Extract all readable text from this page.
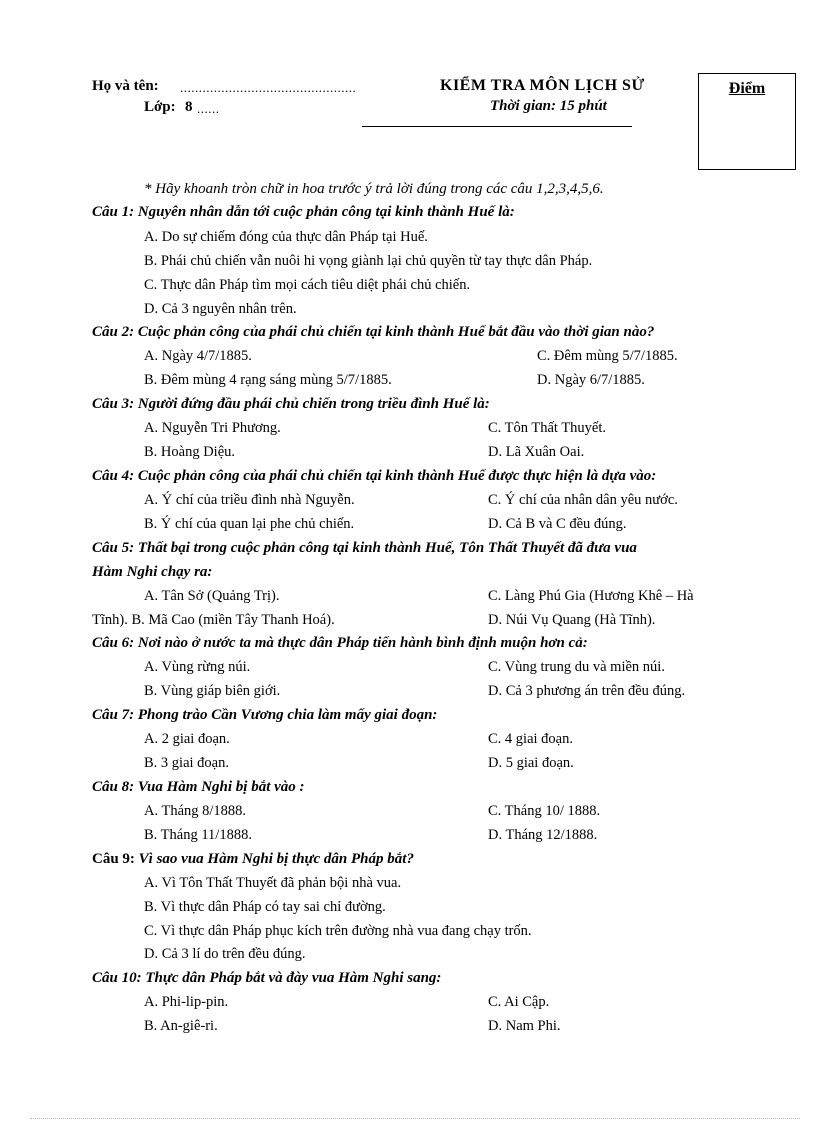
Họ và tên: ...............................................
Lớp: 8 ......
KIỂM TRA MÔN LỊCH SỬ
Thời gian: 15 phút
Điểm
* Hãy khoanh tròn chữ in hoa trước ý trả lời đúng trong các câu 1,2,3,4,5,6.
Câu 1: Nguyên nhân dẫn tới cuộc phản công tại kinh thành Huế là:
A. Do sự chiếm đóng của thực dân Pháp tại Huế.
B. Phái chủ chiến vẫn nuôi hi vọng giành lại chủ quyền từ tay thực dân Pháp.
C. Thực dân Pháp tìm mọi cách tiêu diệt phái chủ chiến.
D. Cả 3 nguyên nhân trên.
Câu 2: Cuộc phản công của phái chủ chiến tại kinh thành Huế bắt đầu vào thời gian nào?
A. Ngày 4/7/1885.	C. Đêm mùng 5/7/1885.
B. Đêm mùng 4 rạng sáng mùng 5/7/1885.	D. Ngày 6/7/1885.
Câu 3: Người đứng đầu phái chủ chiến trong triều đình Huế là:
A. Nguyễn Tri Phương.	C. Tôn Thất Thuyết.
B. Hoàng Diệu.	D. Lã Xuân Oai.
Câu 4: Cuộc phản công của phái chủ chiến tại kinh thành Huế được thực hiện là dựa vào:
A. Ý chí của triều đình nhà Nguyễn.	C. Ý chí của nhân dân yêu nước.
B. Ý chí của quan lại phe chủ chiến.	D. Cả B và C đều đúng.
Câu 5: Thất bại trong cuộc phản công tại kinh thành Huế, Tôn Thất Thuyết đã đưa vua
Hàm Nghi chạy ra:
A. Tân Sở (Quảng Trị).	C. Làng Phú Gia (Hương Khê – Hà
Tĩnh). B. Mã Cao (miền Tây Thanh Hoá).	D. Núi Vụ Quang (Hà Tĩnh).
Câu 6: Nơi nào ở nước ta mà thực dân Pháp tiến hành bình định muộn hơn cả:
A. Vùng rừng núi.	C. Vùng trung du và miền núi.
B. Vùng giáp biên giới.	D. Cả 3 phương án trên đều đúng.
Câu 7: Phong trào Cần Vương chia làm mấy giai đoạn:
A. 2 giai đoạn.	C. 4 giai đoạn.
B. 3 giai đoạn.	D. 5 giai đoạn.
Câu 8: Vua Hàm Nghi bị bắt vào :
A. Tháng 8/1888.	C. Tháng 10/ 1888.
B. Tháng 11/1888.	D. Tháng 12/1888.
Câu 9: Vì sao vua Hàm Nghi bị thực dân Pháp bắt?
A. Vì Tôn Thất Thuyết đã phản bội nhà vua.
B. Vì thực dân Pháp có tay sai chỉ đường.
C. Vì thực dân Pháp phục kích trên đường nhà vua đang chạy trốn.
D. Cả 3 lí do trên đều đúng.
Câu 10: Thực dân Pháp bắt và đày vua Hàm Nghi sang:
A. Phi-lip-pin.	C. Ai Cập.
B. An-giê-ri.	D. Nam Phi.
